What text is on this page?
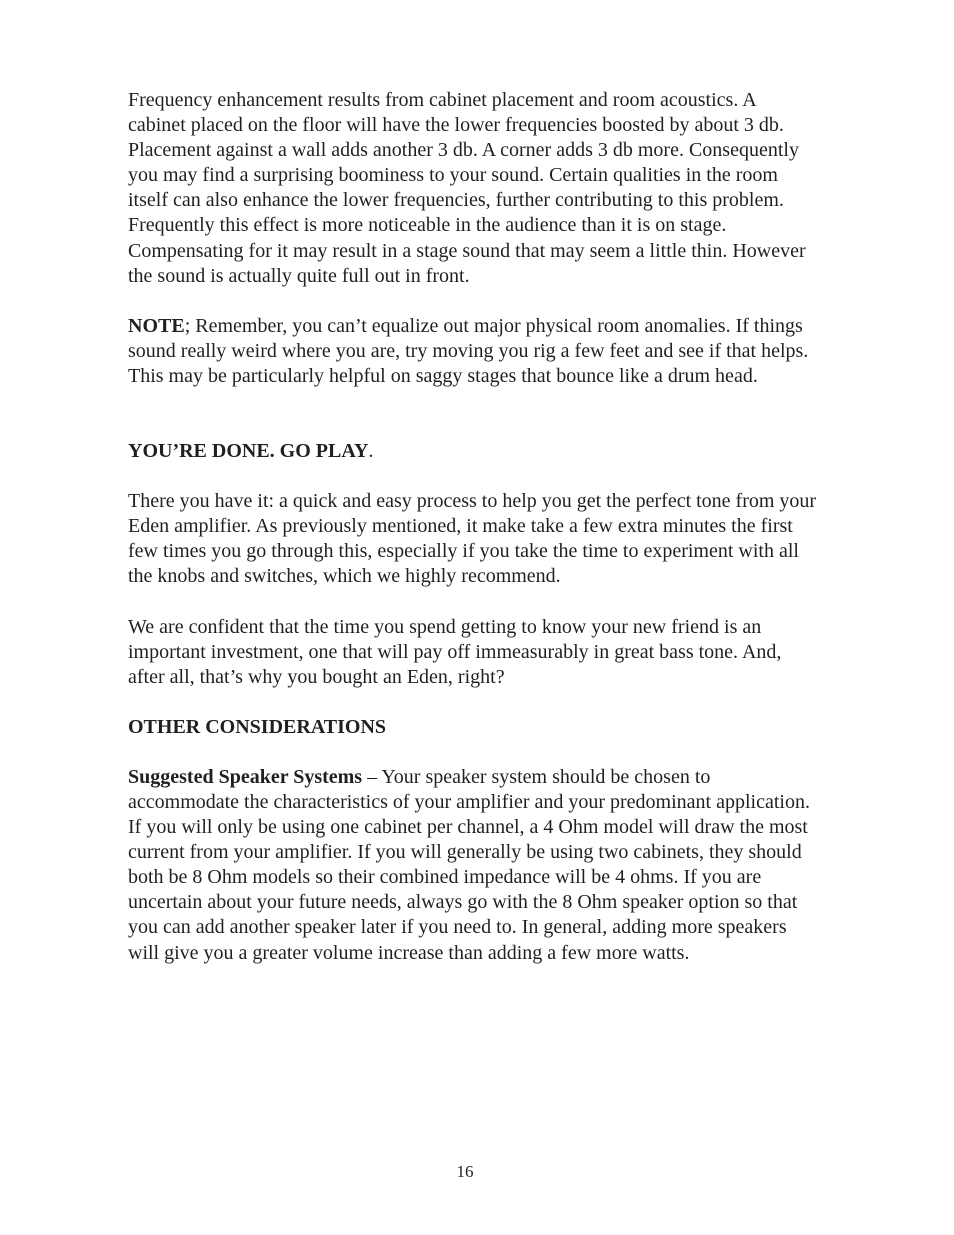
Frequency enhancement results from cabinet placement and room acoustics. A cabinet placed on the floor will have the lower frequencies boosted by about 3 db. Placement against a wall adds another 3 db. A corner adds 3 db more. Consequently you may find a surprising boominess to your sound. Certain qualities in the room itself can also enhance the lower frequencies, further contributing to this problem. Frequently this effect is more noticeable in the audience than it is on stage. Compensating for it may result in a stage sound that may seem a little thin. However the sound is actually quite full out in front.

NOTE; Remember, you can’t equalize out major physical room anomalies. If things sound really weird where you are, try moving you rig a few feet and see if that helps. This may be particularly helpful on saggy stages that bounce like a drum head.

YOU’RE DONE. GO PLAY.

There you have it: a quick and easy process to help you get the perfect tone from your Eden amplifier. As previously mentioned, it make take a few extra minutes the first few times you go through this, especially if you take the time to experiment with all the knobs and switches, which we highly recommend.

We are confident that the time you spend getting to know your new friend is an important investment, one that will pay off immeasurably in great bass tone. And, after all, that’s why you bought an Eden, right?

OTHER CONSIDERATIONS

Suggested Speaker Systems – Your speaker system should be chosen to accommodate the characteristics of your amplifier and your predominant application. If you will only be using one cabinet per channel, a 4 Ohm model will draw the most current from your amplifier. If you will generally be using two cabinets, they should both be 8 Ohm models so their combined impedance will be 4 ohms. If you are uncertain about your future needs, always go with the 8 Ohm speaker option so that you can add another speaker later if you need to. In general, adding more speakers will give you a greater volume increase than adding a few more watts.

16
